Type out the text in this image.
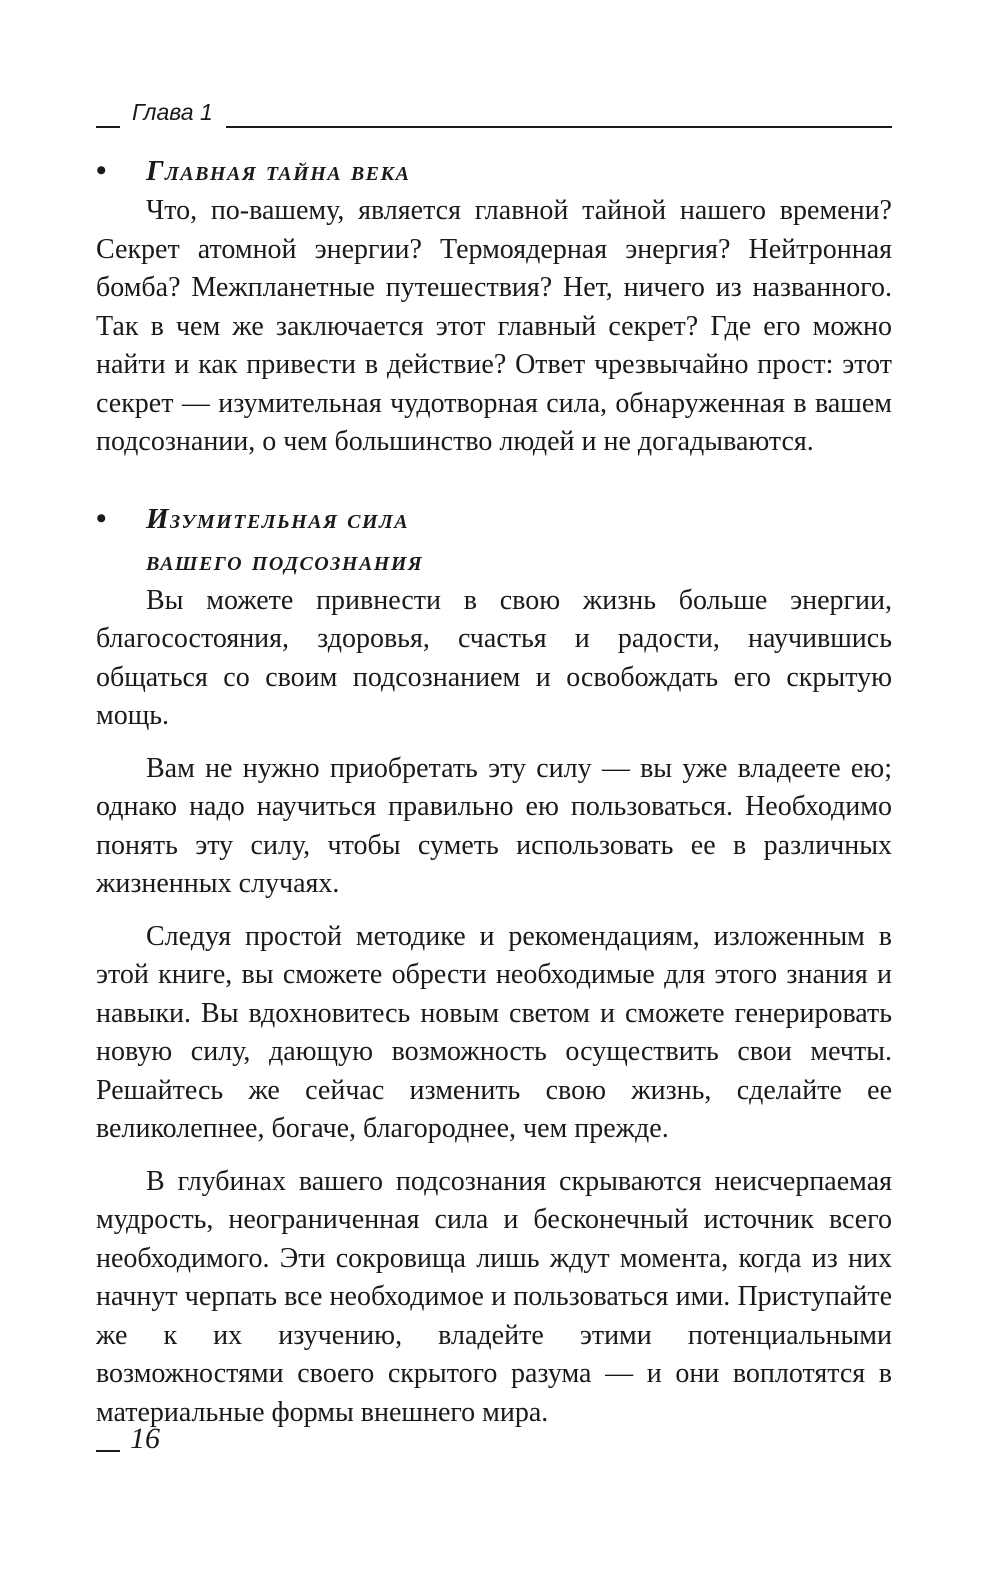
Глава 1
• Главная тайна века

Что, по-вашему, является главной тайной нашего времени? Секрет атомной энергии? Термоядерная энергия? Нейтронная бомба? Межпланетные путешествия? Нет, ничего из названного. Так в чем же заключается этот главный секрет? Где его можно найти и как привести в действие? Ответ чрезвычайно прост: этот секрет — изумительная чудотворная сила, обнаруженная в вашем подсознании, о чем большинство людей и не догадываются.

• Изумительная сила
вашего подсознания

Вы можете привнести в свою жизнь больше энергии, благосостояния, здоровья, счастья и радости, научившись общаться со своим подсознанием и освобождать его скрытую мощь.

Вам не нужно приобретать эту силу — вы уже владеете ею; однако надо научиться правильно ею пользоваться. Необходимо понять эту силу, чтобы суметь использовать ее в различных жизненных случаях.

Следуя простой методике и рекомендациям, изложенным в этой книге, вы сможете обрести необходимые для этого знания и навыки. Вы вдохновитесь новым светом и сможете генерировать новую силу, дающую возможность осуществить свои мечты. Решайтесь же сейчас изменить свою жизнь, сделайте ее великолепнее, богаче, благороднее, чем прежде.

В глубинах вашего подсознания скрываются неисчерпаемая мудрость, неограниченная сила и бесконечный источник всего необходимого. Эти сокровища лишь ждут момента, когда из них начнут черпать все необходимое и пользоваться ими. Приступайте же к их изучению, владейте этими потенциальными возможностями своего скрытого разума — и они воплотятся в материальные формы внешнего мира.

16
